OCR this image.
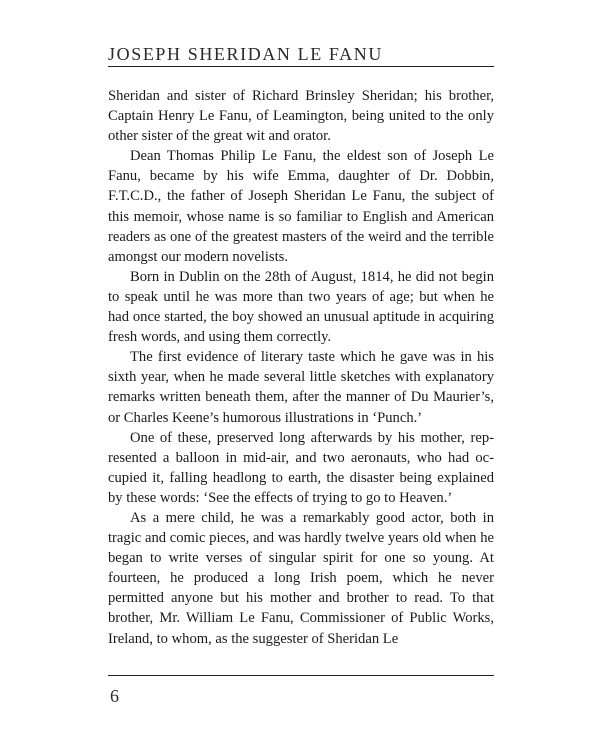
JOSEPH SHERIDAN LE FANU

Sheridan and sister of Richard Brinsley Sheridan; his brother, Captain Henry Le Fanu, of Leamington, being united to the only other sister of the great wit and orator.

Dean Thomas Philip Le Fanu, the eldest son of Joseph Le Fanu, became by his wife Emma, daughter of Dr. Dobbin, F.T.C.D., the father of Joseph Sheridan Le Fanu, the subject of this memoir, whose name is so familiar to English and American readers as one of the greatest masters of the weird and the terrible amongst our modern novelists.

Born in Dublin on the 28th of August, 1814, he did not begin to speak until he was more than two years of age; but when he had once started, the boy showed an unusual aptitude in acquiring fresh words, and using them correctly.

The first evidence of literary taste which he gave was in his sixth year, when he made several little sketches with explanatory remarks written beneath them, after the manner of Du Maurier’s, or Charles Keene’s humorous illustrations in ‘Punch.’

One of these, preserved long afterwards by his mother, represented a balloon in mid-air, and two aeronauts, who had occupied it, falling headlong to earth, the disaster being explained by these words: ‘See the effects of trying to go to Heaven.’

As a mere child, he was a remarkably good actor, both in tragic and comic pieces, and was hardly twelve years old when he began to write verses of singular spirit for one so young. At fourteen, he produced a long Irish poem, which he never permitted anyone but his mother and brother to read. To that brother, Mr. William Le Fanu, Commissioner of Public Works, Ireland, to whom, as the suggester of Sheridan Le

6
